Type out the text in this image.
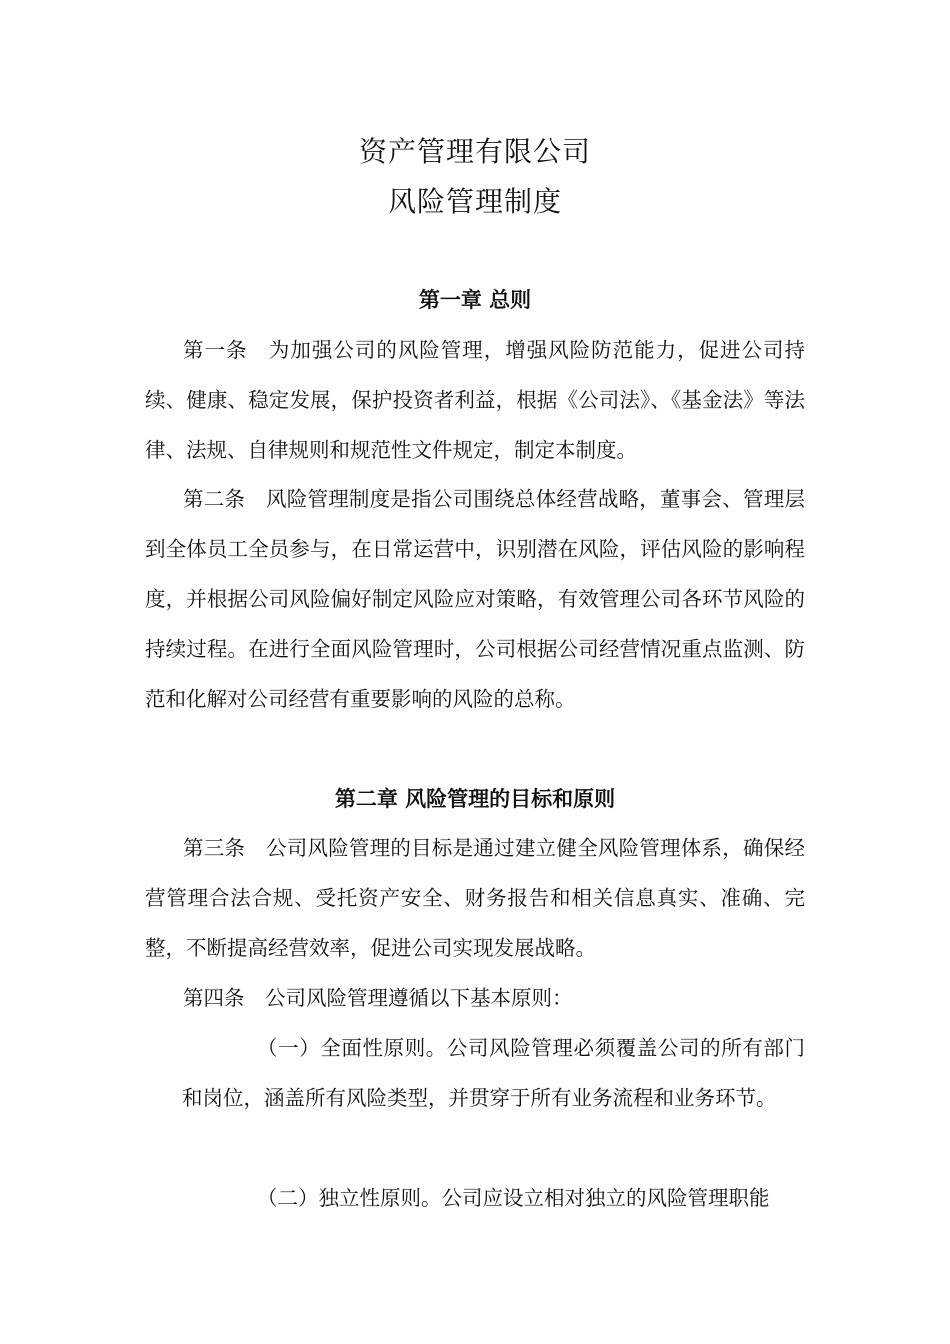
资产管理有限公司
风险管理制度
第一章 总则

第一条　为加强公司的风险管理，增强风险防范能力，促进公司持续、健康、稳定发展，保护投资者利益，根据《公司法》、《基金法》等法律、法规、自律规则和规范性文件规定，制定本制度。

第二条　风险管理制度是指公司围绕总体经营战略，董事会、管理层到全体员工全员参与，在日常运营中，识别潜在风险，评估风险的影响程度，并根据公司风险偏好制定风险应对策略，有效管理公司各环节风险的持续过程。在进行全面风险管理时，公司根据公司经营情况重点监测、防范和化解对公司经营有重要影响的风险的总称。

第二章 风险管理的目标和原则

第三条　公司风险管理的目标是通过建立健全风险管理体系，确保经营管理合法合规、受托资产安全、财务报告和相关信息真实、准确、完整，不断提高经营效率，促进公司实现发展战略。

第四条　公司风险管理遵循以下基本原则：

（一）全面性原则。公司风险管理必须覆盖公司的所有部门和岗位，涵盖所有风险类型，并贯穿于所有业务流程和业务环节。

（二）独立性原则。公司应设立相对独立的风险管理职能
